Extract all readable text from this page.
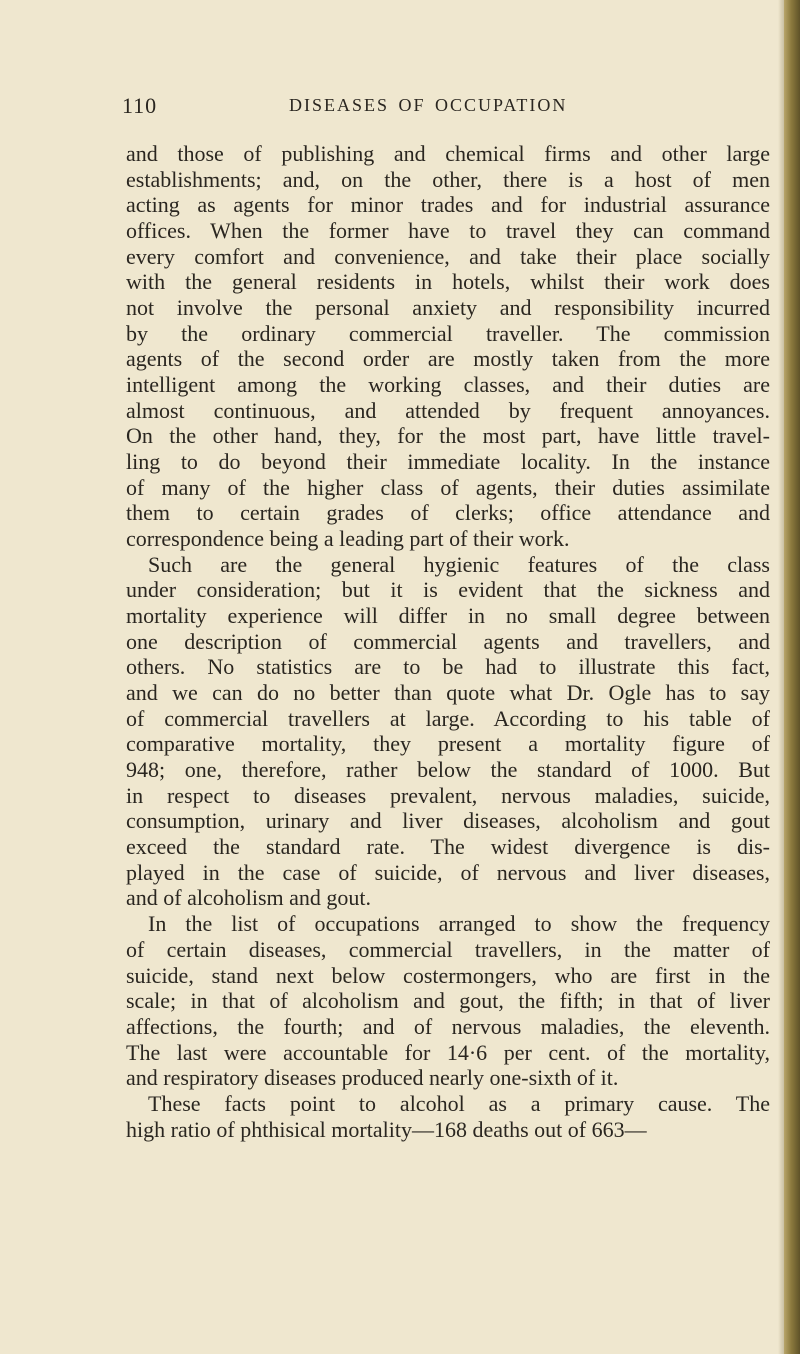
110	DISEASES OF OCCUPATION
and those of publishing and chemical firms and other large
establishments; and, on the other, there is a host of men
acting as agents for minor trades and for industrial assurance
offices. When the former have to travel they can command
every comfort and convenience, and take their place socially
with the general residents in hotels, whilst their work does
not involve the personal anxiety and responsibility incurred
by the ordinary commercial traveller. The commission
agents of the second order are mostly taken from the more
intelligent among the working classes, and their duties are
almost continuous, and attended by frequent annoyances.
On the other hand, they, for the most part, have little travel-
ling to do beyond their immediate locality. In the instance
of many of the higher class of agents, their duties assimilate
them to certain grades of clerks; office attendance and
correspondence being a leading part of their work.
Such are the general hygienic features of the class
under consideration; but it is evident that the sickness and
mortality experience will differ in no small degree between
one description of commercial agents and travellers, and
others. No statistics are to be had to illustrate this fact,
and we can do no better than quote what Dr. Ogle has to say
of commercial travellers at large. According to his table of
comparative mortality, they present a mortality figure of
948; one, therefore, rather below the standard of 1000. But
in respect to diseases prevalent, nervous maladies, suicide,
consumption, urinary and liver diseases, alcoholism and gout
exceed the standard rate. The widest divergence is dis-
played in the case of suicide, of nervous and liver diseases,
and of alcoholism and gout.
In the list of occupations arranged to show the frequency
of certain diseases, commercial travellers, in the matter of
suicide, stand next below costermongers, who are first in the
scale; in that of alcoholism and gout, the fifth; in that of liver
affections, the fourth; and of nervous maladies, the eleventh.
The last were accountable for 14·6 per cent. of the mortality,
and respiratory diseases produced nearly one-sixth of it.
These facts point to alcohol as a primary cause. The
high ratio of phthisical mortality—168 deaths out of 663—
